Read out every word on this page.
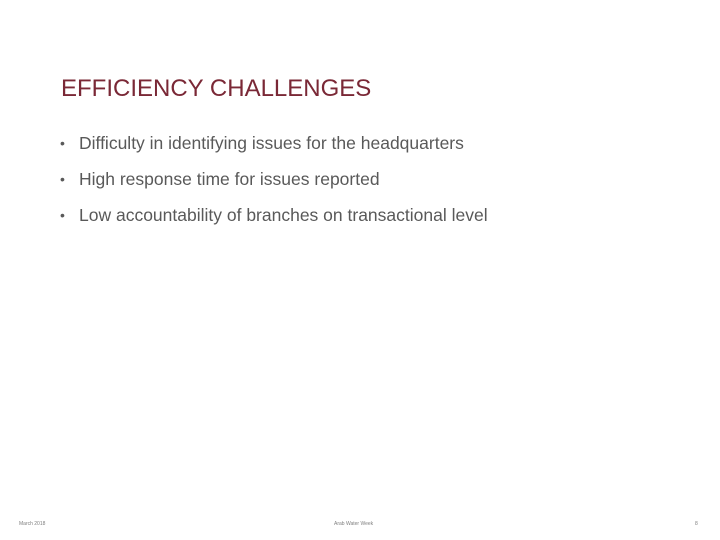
EFFICIENCY CHALLENGES
• Difficulty in identifying issues for the headquarters
• High response time for issues reported
• Low accountability of branches on transactional level
March 2018	Arab Water Week	8
